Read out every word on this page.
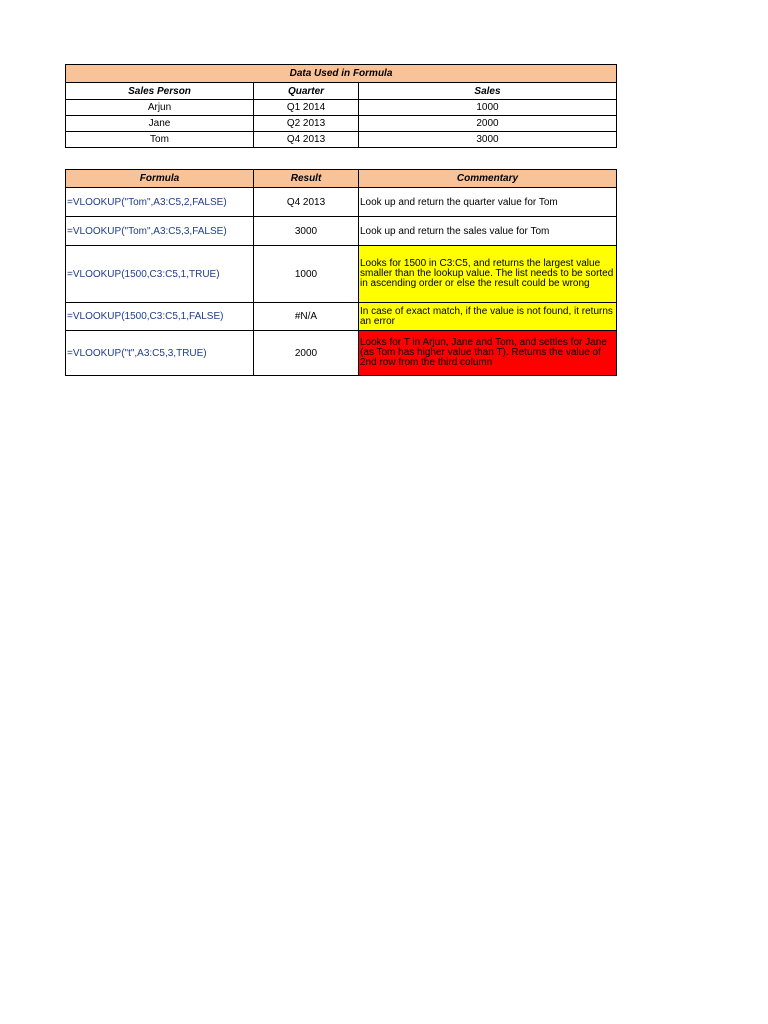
Data Used in Formula		
Sales Person	Quarter	Sales
Arjun	Q1 2014	1000
Jane	Q2 2013	2000
Tom	Q4 2013	3000
Formula	Result	Commentary
=VLOOKUP("Tom",A3:C5,2,FALSE)	Q4 2013	Look up and return the quarter value for Tom
=VLOOKUP("Tom",A3:C5,3,FALSE)	3000	Look up and return the sales value for Tom
=VLOOKUP(1500,C3:C5,1,TRUE)	1000	Looks for 1500 in C3:C5, and returns the largest value smaller than the lookup value. The list needs to be sorted in ascending order or else the result could be wrong
=VLOOKUP(1500,C3:C5,1,FALSE)	#N/A	In case of exact match, if the value is not found, it returns an error
=VLOOKUP("t",A3:C5,3,TRUE)	2000	Looks for T in Arjun, Jane and Tom, and settles for Jane (as Tom has higher value than T). Returns the value of 2nd row from the third column
